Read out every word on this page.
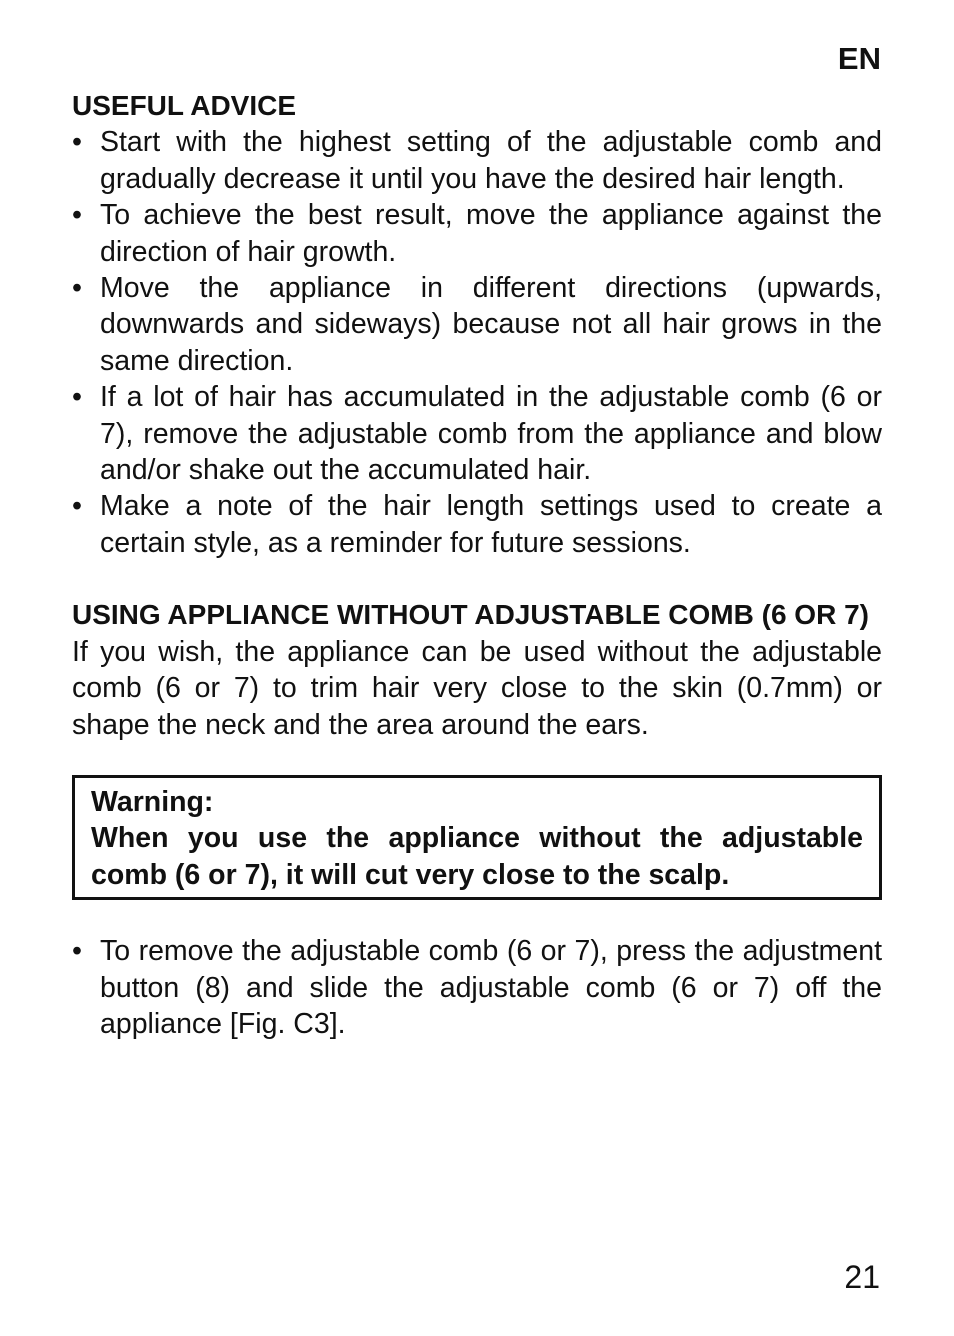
EN
USEFUL ADVICE
• Start with the highest setting of the adjustable comb and gradually decrease it until you have the desired hair length.
• To achieve the best result, move the appliance against the direction of hair growth.
• Move the appliance in different directions (upwards, downwards and sideways) because not all hair grows in the same direction.
• If a lot of hair has accumulated in the adjustable comb (6 or 7), remove the adjustable comb from the appliance and blow and/or shake out the accumulated hair.
• Make a note of the hair length settings used to create a certain style, as a reminder for future sessions.
USING APPLIANCE WITHOUT ADJUSTABLE COMB (6 OR 7)

If you wish, the appliance can be used without the adjustable comb (6 or 7) to trim hair very close to the skin (0.7mm) or shape the neck and the area around the ears.

Warning:

When you use the appliance without the adjustable comb (6 or 7), it will cut very close to the scalp.

• To remove the adjustable comb (6 or 7), press the adjustment button (8) and slide the adjustable comb (6 or 7) off the appliance [Fig. C3].
21
